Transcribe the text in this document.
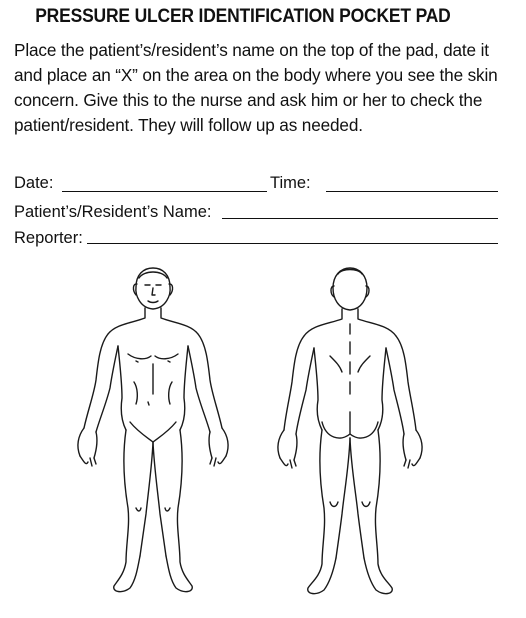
PRESSURE ULCER IDENTIFICATION POCKET PAD
Place the patient’s/resident’s name on the top of the pad, date it and place an “X” on the area on the body where you see the skin concern. Give this to the nurse and ask him or her to check the patient/resident. They will follow up as needed.
Date:	Time:
Patient’s/Resident’s Name:
Reporter:
